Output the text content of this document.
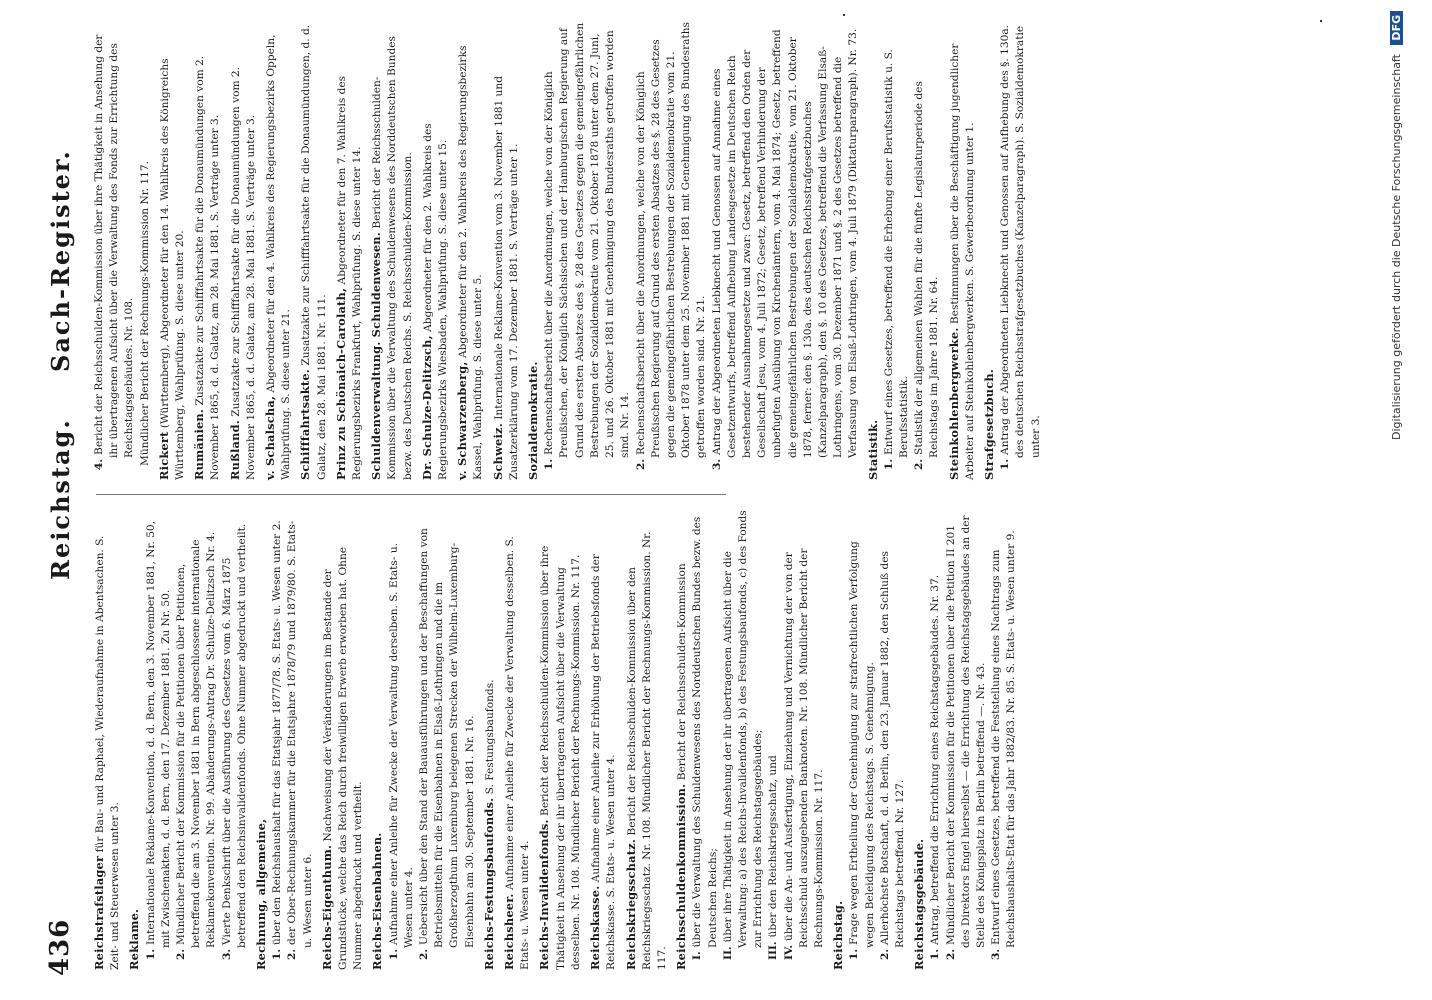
436
Reichstag. Sach-Register.
Reichstrafstlager für Bau- und Raphael, Wiederaufnahme in Abentsachen. S. Zeit- und Steuerwesen unter 3. Reklame. 1.Internationale Reklame-Konvention, d. d. Bern, den 3. November 1881, Nr. 50, mit Zwischenakten, d. d. Bern, den 17. Dezember 1881. Zu Nr. 50.
2.Mündlicher Bericht der Kommission für die Petitionen über Petitionen, betreffend die am 3. November 1881 in Bern abgeschlossene internationale Reklamekonvention. Nr. 99. Abänderungs-Antrag Dr. Schulze-Delitzsch Nr. 4.
3.Vierte Denkschrift über die Ausführung des Gesetzes vom 6. März 1875 betreffend den Reichsinvalidenfonds. Ohne Nummer abgedruckt und vertheilt. Rechnung, allgemeine, 1.über den Reichshaushalt für das Etatsjahr 1877/78. S. Etats- u. Wesen unter 2.
2.der Ober-Rechnungskammer für die Etatsjahre 1878/79 und 1879/80. S. Etats- u. Wesen unter 6. Reichs-Eigenthum. Nachweisung der Veränderungen im Bestande der Grundstücke, welche das Reich durch freiwilligen Erwerb erworben hat. Ohne Nummer abgedruckt und vertheilt. Reichs-Eisenbahnen. 1.Aufnahme einer Anleihe für Zwecke der Verwaltung derselben. S. Etats- u. Wesen unter 4.
2.Uebersicht über den Stand der Bauausführungen und der Beschaffungen von Betriebsmitteln für die Eisenbahnen in Elsaß-Lothringen und die im Großherzogthum Luxemburg belegenen Strecken der Wilhelm-Luxemburg-Eisenbahn am 30. September 1881. Nr. 16. Reichs-Festungsbaufonds. S. Festungsbaufonds.
Reichsheer. Aufnahme einer Anleihe für Zwecke der Verwaltung desselben. S. Etats- u. Wesen unter 4. Reichs-Invalidenfonds. Bericht der Reichsschulden-Kommission über ihre Thätigkeit in Ansehung der ihr übertragenen Aufsicht über die Verwaltung desselben. Nr. 108. Mündlicher Bericht der Rechnungs-Kommission. Nr. 117. Reichskasse. Aufnahme einer Anleihe zur Erhöhung der Betriebsfonds der Reichskasse. S. Etats- u. Wesen unter 4. Reichskriegsschatz. Bericht der Reichsschulden-Kommission über den Reichskriegsschatz. Nr. 108. Mündlicher Bericht der Rechnungs-Kommission. Nr. 117. Reichsschuldenkommission. Bericht der Reichsschulden-Kommission
I.über die Verwaltung des Schuldenwesens des Norddeutschen Bundes bezw. des Deutschen Reichs;
II.über ihre Thätigkeit in Ansehung der ihr übertragenen Aufsicht über die Verwaltung: a) des Reichs-Invalidenfonds, b) des Festungsbaufonds, c) des Fonds zur Errichtung des Reichstagsgebäudes;
III.über den Reichskriegsschatz, und
IV.über die An- und Ausfertigung, Einziehung und Vernichtung der von der Reichsschuld auszugebenden Banknoten. Nr. 108. Mündlicher Bericht der Rechnungs-Kommission. Nr. 117. Reichstag. 1.Frage wegen Ertheilung der Genehmigung zur strafrechtlichen Verfolgung wegen Beleidigung des Reichstags. S. Genehmigung.
2.Allerhöchste Botschaft, d. d. Berlin, den 23. Januar 1882, den Schluß des Reichstags betreffend. Nr. 127. Reichstagsgebäude. 1.Antrag, betreffend die Errichtung eines Reichstagsgebäudes. Nr. 37.
2.Mündlicher Bericht der Kommission für die Petitionen über die Petition II 201 des Direktors Engel hierselbst — die Errichtung des Reichstagsgebäudes an der Stelle des Königsplatz in Berlin betreffend —. Nr. 43.
3.Entwurf eines Gesetzes, betreffend die Feststellung eines Nachtrags zum Reichshaushalts-Etat für das Jahr 1882/83. Nr. 85. S. Etats- u. Wesen unter 9.
4.Bericht der Reichsschulden-Kommission über ihre Thätigkeit in Ansehung der ihr übertragenen Aufsicht über die Verwaltung des Fonds zur Errichtung des Reichstagsgebäudes. Nr. 108. Mündlicher Bericht der Rechnungs-Kommission Nr. 117. Rickert (Württemberg), Abgeordneter für den 14. Wahlkreis des Königreichs Württemberg, Wahlprüfung. S. diese unter 20. Rumänien. Zusatzakte zur Schifffahrtsakte für die Donaumündungen vom 2. November 1865, d. d. Galatz, am 28. Mai 1881. S. Verträge unter 3. Rußland. Zusatzakte zur Schifffahrtsakte für die Donaumündungen vom 2. November 1865, d. d. Galatz, am 28. Mai 1881. S. Verträge unter 3. v. Schalscha, Abgeordneter für den 4. Wahlkreis des Regierungsbezirks Oppeln, Wahlprüfung. S. diese unter 21. Schifffahrtsakte. Zusatzakte zur Schifffahrtsakte für die Donaumündungen, d. d. Galatz, den 28. Mai 1881. Nr. 111. Prinz zu Schönaich-Carolath, Abgeordneter für den 7. Wahlkreis des Regierungsbezirks Frankfurt, Wahlprüfung. S. diese unter 14. Schuldenverwaltung. Schuldenwesen. Bericht der Reichsschulden-Kommission über die Verwaltung des Schuldenwesens des Norddeutschen Bundes bezw. des Deutschen Reichs. S. Reichsschulden-Kommission. Dr. Schulze-Delitzsch, Abgeordneter für den 2. Wahlkreis des Regierungsbezirks Wiesbaden, Wahlprüfung. S. diese unter 15. v. Schwarzenberg, Abgeordneter für den 2. Wahlkreis des Regierungsbezirks Kassel, Wahlprüfung. S. diese unter 5. Schweiz. Internationale Reklame-Konvention vom 3. November 1881 und Zusatzerklärung vom 17. Dezember 1881. S. Verträge unter 1. Sozialdemokratie. 1.Rechenschaftsbericht über die Anordnungen, welche von der Königlich Preußischen, der Königlich Sächsischen und der Hamburgischen Regierung auf Grund des ersten Absatzes des §. 28 des Gesetzes gegen die gemeingefährlichen Bestrebungen der Sozialdemokratie vom 21. Oktober 1878 unter dem 27. Juni, 25. und 26. Oktober 1881 mit Genehmigung des Bundesraths getroffen worden sind. Nr. 14.
2.Rechenschaftsbericht über die Anordnungen, welche von der Königlich Preußischen Regierung auf Grund des ersten Absatzes des §. 28 des Gesetzes gegen die gemeingefährlichen Bestrebungen der Sozialdemokratie vom 21. Oktober 1878 unter dem 25. November 1881 mit Genehmigung des Bundesraths getroffen worden sind. Nr. 21.
3.Antrag der Abgeordneten Liebknecht und Genossen auf Annahme eines Gesetzentwurfs, betreffend Aufhebung Landesgesetze im Deutschen Reich bestehender Ausnahmegesetze und zwar: Gesetz, betreffend den Orden der Gesellschaft Jesu, vom 4. Juli 1872; Gesetz, betreffend Verhinderung der unbefugten Ausübung von Kirchenämtern, vom 4. Mai 1874; Gesetz, betreffend die gemeingefährlichen Bestrebungen der Sozialdemokratie, vom 21. Oktober 1878, ferner: den §. 130a. des deutschen Reichsstrafgesetzbuches (Kanzelparagraph), den §. 10 des Gesetzes, betreffend die Verfassung Elsaß-Lothringens, vom 30. Dezember 1871 und §. 2 des Gesetzes betreffend die Verfassung von Elsaß-Lothringen, vom 4. Juli 1879 (Diktaturparagraph). Nr. 73. Statistik. 1.Entwurf eines Gesetzes, betreffend die Erhebung einer Berufsstatistik u. S. Berufsstatistik.
2.Statistik der allgemeinen Wahlen für die fünfte Legislaturperiode des Reichstags im Jahre 1881. Nr. 64. Steinkohlenbergwerke. Bestimmungen über die Beschäftigung jugendlicher Arbeiter auf Steinkohlenbergwerken. S. Gewerbeordnung unter 1. Strafgesetzbuch. 1.Antrag der Abgeordneten Liebknecht und Genossen auf Aufhebung des §. 130a. des deutschen Reichsstrafgesetzbuches (Kanzelparagraph). S. Sozialdemokratie unter 3.	Digitalisierung gefördert durch die Deutsche Forschungsgemeinschaft DFG
